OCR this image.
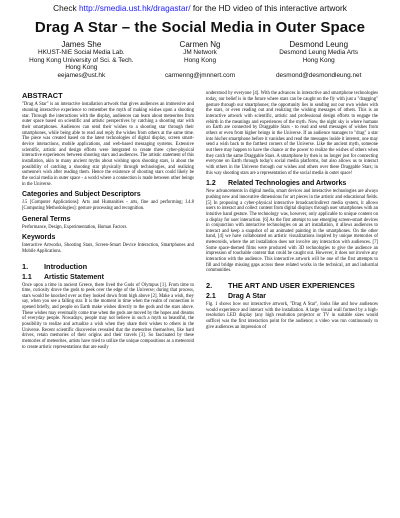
Check http://smedia.ust.hk/dragastar/ for the HD video of this interactive artwork
Drag A Star – the Social Media in Outer Space
James She
HKUST-NIE Social Media Lab.
Hong Kong University of Sci. & Tech.
Hong Kong
eejames@ust.hk
Carmen Ng
JM Network
Hong Kong

carmenng@jmnnert.com
Desmond Leung
Desmond Leung Media Arts
Hong Kong

desmond@desmondleung.net
ABSTRACT

"Drag A Star" is an interactive installation artwork that gives audiences an immersive and stunning interactive experience to remember the myth of making wishes upon a shooting star. Through the interactions with the display, audiences can learn about meteorites from outer space based on scientific and artistic perspectives by catching a shooting star with their smartphones. Audiences can send their wishes to a shooting star through their smartphones, while being able to read and reply the wishes from others at the same time. The piece was created based on the latest technologies of digital display, screen smart-device interactions, mobile applications, and web-based messaging systems. Extensive scientific, artistic and design efforts were integrated to create three cyber-physical interactive experiences between shooting stars and audiences. The artistic statement of this installation, akin to many ancient myths about wishing upon shooting stars, is about the possibility of catching a shooting star physically through technologies, and realizing someone's wish after reading them. Hence the existence of shooting stars could likely be the social media in outer space - a world where a connection is made between other beings in the Universe.

Categories and Subject Descriptors

J.5 [Computer Applications]: Arts and Humanities - arts, fine and performing; I.4.8 [Computing Methodologies]: gesture processing and recognition.

General Terms

Performance, Design, Experimentation, Human Factors.

Keywords

Interactive Artworks, Shooting Stars, Screen-Smart Device Interaction, Smartphones and Mobile Applications.

1. Introduction
1.1 Artistic Statement

Once upon a time in ancient Greece, there lived the Gods of Olympus [1]. From time to time, curiosity drove the gods to peek over the edge of the Universe; during that process, stars would be knocked over as they looked down from high above [2]. Make a wish, they say, when you see a falling star. It is the moment in time when the realm of connection is opened briefly, and people on Earth make wishes directly to the gods and the stars above. These wishes may eventually come true when the gods are moved by the hopes and dreams of everyday people. Nowadays, people may not believe in such a myth so beautiful, the possibility to realize and actualize a wish when they share their wishes to others in the Universe. Recent scientific discoveries revealed that the meteorites themselves, like hard drives, retain memories of their origins and their travels [3]. So fascinated by these memories of meteorites, artists have tried to utilize the unique compositions as a meteoroid to create artistic representations that are easily

understood by everyone [4]. With the advances in interactive and smartphone technologies today, our belief is in the future where stars can be caught on the fly with just a "dragging" gesture through our smartphones; the opportunity lies in sending out our own wishes with the stars, or even reading out and realizing the wishing messages of others. This is an interactive artwork with scientific, artistic and professional design efforts to engage the rebirth in the meanings and experiences of the myth. Now, the night sky is where humans on Earth are connected by Draggable Stars - to read and send messages of wishes from others or even from higher beings in the Universe. If an audience manages to "drag" a star into his/her smartphone before it vanishes and read the messages inside it interest, one may send a wish back to the farthest corners of the Universe. Like the ancient myth, someone out there may happen to have the chance or the power to realize the wishes of others when they catch the same Draggable Stars. A smartphone by then is no longer just for connecting everyone on Earth through today's social media platforms, but also allows us to interact with others in the Universe through our wishes and others over these Draggable Stars; in this way shooting stars are a representation of the social media in outer space!

1.2 Related Technologies and Artworks

New advancements in digital media, smart devices and interactive technologies are always pushing new and innovative dimensions for art pieces in the artistic and educational fields. [5] In proposing a cyber-physical interactive broadcast/indirect media system, it allows users to interact and collect content from digital displays through user smartphones with an intuitive hand gesture. The technology was, however, only applicable to unique content on a display for user interaction. [6] As the first attempt to use emerging screen-smart devices in conjunction with interactive technologies on an art installation, it allows audiences to interact and keep a snapshot of an animated painting in the smartphones. On the other hand, [4] we have collaborated on artistic visualizations inspired by unique memories of meteoroids, where the art installation does not involve any interaction with audiences. [7] Some space-themed films were produced with 3D technologies to give the audience an impression of touchable content that could be caught out. However, it does not involve any interaction with the audience. This interactive artwork will be one of the first attempts to fill and bridge missing gaps across these related works in the technical, art and industrial communities.

2. THE ART AND USER EXPERIENCES
2.1 Drag A Star

Fig. 1 shows how our interactive artwork, "Drag A Star", looks like and how audiences would experience and interact with the installation. A large visual wall formed by a high-resolution LED display (any high resolution projector or TV in suitable sizes would suffice) was the first interaction point for the audience; a video was run continuously to give audiences an impression of
